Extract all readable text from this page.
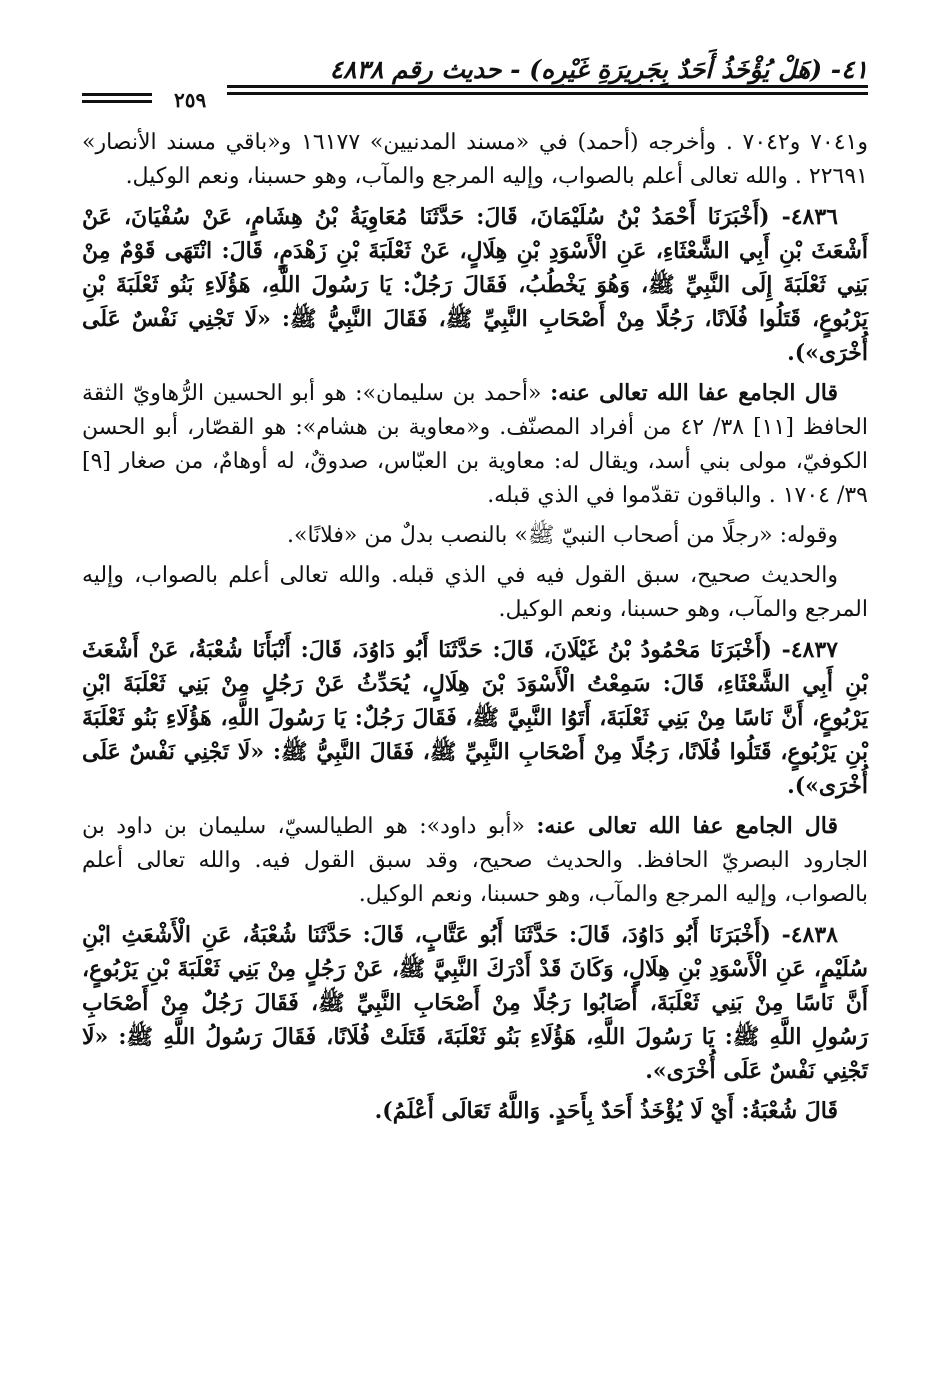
٤١- (هَلْ يُؤْخَذُ أَحَدٌ بِجَرِيرَةِ غَيْرِه) - حديث رقم ٤٨٣٨
٢٥٩

و٧٠٤١ و٧٠٤٢ . وأخرجه (أحمد) في «مسند المدنيين» ١٦١٧٧ و«باقي مسند الأنصار» ٢٢٦٩١ . والله تعالى أعلم بالصواب، وإليه المرجع والمآب، وهو حسبنا، ونعم الوكيل.

٤٨٣٦- (أَخْبَرَنَا أَحْمَدُ بْنُ سُلَيْمَانَ، قَالَ: حَدَّثَنَا مُعَاوِيَةُ بْنُ هِشَامٍ، عَنْ سُفْيَانَ، عَنْ أَشْعَثَ بْنِ أَبِي الشَّعْثَاءِ، عَنِ الْأَسْوَدِ بْنِ هِلَالٍ، عَنْ ثَعْلَبَةَ بْنِ زَهْدَمٍ، قَالَ: انْتَهَى قَوْمٌ مِنْ بَنِي ثَعْلَبَةَ إِلَى النَّبِيِّ ﷺ، وَهُوَ يَخْطُبُ، فَقَالَ رَجُلٌ: يَا رَسُولَ اللَّهِ، هَؤُلَاءِ بَنُو ثَعْلَبَةَ بْنِ يَرْبُوعٍ، قَتَلُوا فُلَانًا، رَجُلًا مِنْ أَصْحَابِ النَّبِيِّ ﷺ، فَقَالَ النَّبِيُّ ﷺ: «لَا تَجْنِي نَفْسٌ عَلَى أُخْرَى»).

قال الجامع عفا الله تعالى عنه: «أحمد بن سليمان»: هو أبو الحسين الرُّهاويّ الثقة الحافظ [١١] ٣٨/ ٤٢ من أفراد المصنّف. و«معاوية بن هشام»: هو القصّار، أبو الحسن الكوفيّ، مولى بني أسد، ويقال له: معاوية بن العبّاس، صدوقٌ، له أوهامٌ، من صغار [٩] ٣٩/ ١٧٠٤ . والباقون تقدّموا في الذي قبله.

وقوله: «رجلًا من أصحاب النبيّ ﷺ» بالنصب بدلٌ من «فلانًا».

والحديث صحيح، سبق القول فيه في الذي قبله. والله تعالى أعلم بالصواب، وإليه المرجع والمآب، وهو حسبنا، ونعم الوكيل.

٤٨٣٧- (أَخْبَرَنَا مَحْمُودُ بْنُ غَيْلَانَ، قَالَ: حَدَّثَنَا أَبُو دَاوُدَ، قَالَ: أَنْبَأَنَا شُعْبَةُ، عَنْ أَشْعَثَ بْنِ أَبِي الشَّعْثَاءِ، قَالَ: سَمِعْتُ الْأَسْوَدَ بْنَ هِلَالٍ، يُحَدِّثُ عَنْ رَجُلٍ مِنْ بَنِي ثَعْلَبَةَ ابْنِ يَرْبُوعٍ، أَنَّ نَاسًا مِنْ بَنِي ثَعْلَبَةَ، أَتَوُا النَّبِيَّ ﷺ، فَقَالَ رَجُلٌ: يَا رَسُولَ اللَّهِ، هَؤُلَاءِ بَنُو ثَعْلَبَةَ بْنِ يَرْبُوعٍ، قَتَلُوا فُلَانًا، رَجُلًا مِنْ أَصْحَابِ النَّبِيِّ ﷺ، فَقَالَ النَّبِيُّ ﷺ: «لَا تَجْنِي نَفْسٌ عَلَى أُخْرَى»).

قال الجامع عفا الله تعالى عنه: «أبو داود»: هو الطيالسيّ، سليمان بن داود بن الجارود البصريّ الحافظ. والحديث صحيح، وقد سبق القول فيه. والله تعالى أعلم بالصواب، وإليه المرجع والمآب، وهو حسبنا، ونعم الوكيل.

٤٨٣٨- (أَخْبَرَنَا أَبُو دَاوُدَ، قَالَ: حَدَّثَنَا أَبُو عَتَّابٍ، قَالَ: حَدَّثَنَا شُعْبَةُ، عَنِ الْأَشْعَثِ ابْنِ سُلَيْمٍ، عَنِ الْأَسْوَدِ بْنِ هِلَالٍ، وَكَانَ قَدْ أَدْرَكَ النَّبِيَّ ﷺ، عَنْ رَجُلٍ مِنْ بَنِي ثَعْلَبَةَ بْنِ يَرْبُوعٍ، أَنَّ نَاسًا مِنْ بَنِي ثَعْلَبَةَ، أَصَابُوا رَجُلًا مِنْ أَصْحَابِ النَّبِيِّ ﷺ، فَقَالَ رَجُلٌ مِنْ أَصْحَابِ رَسُولِ اللَّهِ ﷺ: يَا رَسُولَ اللَّهِ، هَؤُلَاءِ بَنُو ثَعْلَبَةَ، قَتَلَتْ فُلَانًا، فَقَالَ رَسُولُ اللَّهِ ﷺ: «لَا تَجْنِي نَفْسٌ عَلَى أُخْرَى».

قَالَ شُعْبَةُ: أَيْ لَا يُؤْخَذُ أَحَدٌ بِأَحَدٍ. وَاللَّهُ تَعَالَى أَعْلَمُ).
